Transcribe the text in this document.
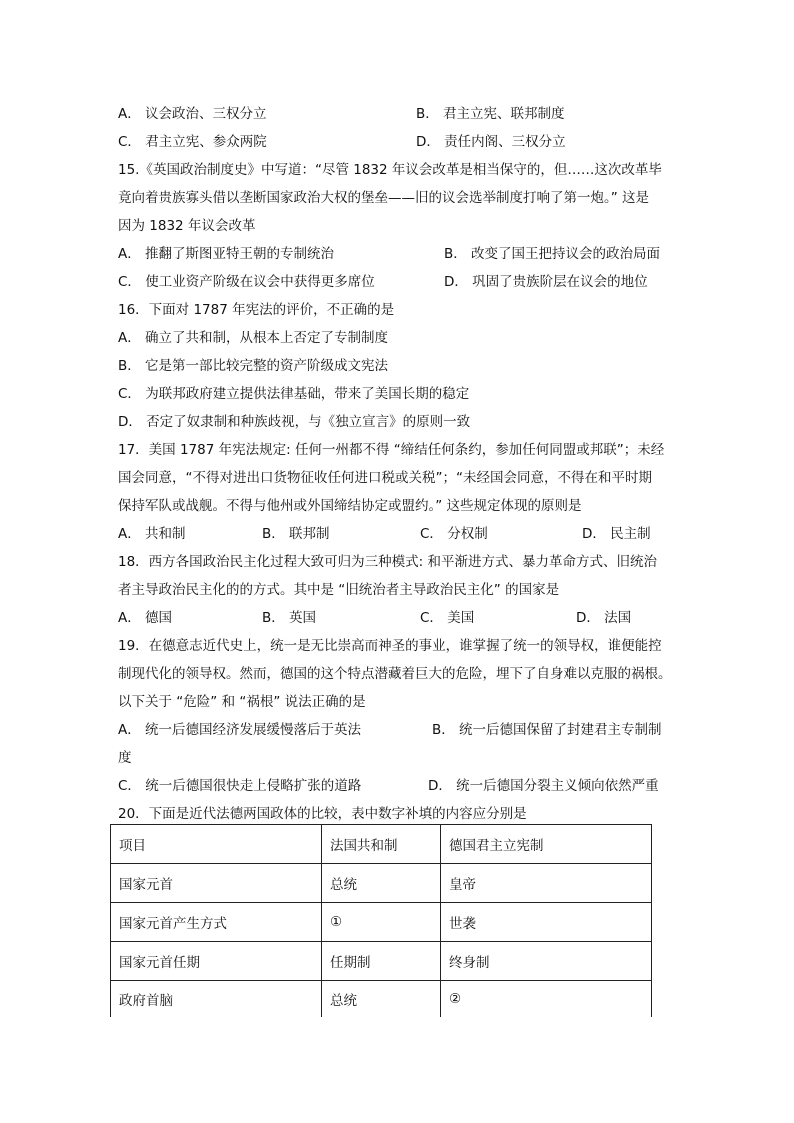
A． 议会政治、三权分立	B． 君主立宪、联邦制度
C． 君主立宪、参众两院	D． 责任内阁、三权分立
15.《英国政治制度史》中写道：“尽管 1832 年议会改革是相当保守的，但……这次改革毕
竟向着贵族寡头借以垄断国家政治大权的堡垒——旧的议会选举制度打响了第一炮。” 这是
因为 1832 年议会改革
A． 推翻了斯图亚特王朝的专制统治	B． 改变了国王把持议会的政治局面
C． 使工业资产阶级在议会中获得更多席位	D． 巩固了贵族阶层在议会的地位
16．下面对 1787 年宪法的评价，不正确的是
A． 确立了共和制，从根本上否定了专制制度
B． 它是第一部比较完整的资产阶级成文宪法
C． 为联邦政府建立提供法律基础，带来了美国长期的稳定
D． 否定了奴隶制和种族歧视，与《独立宣言》的原则一致
17．美国 1787 年宪法规定: 任何一州都不得 “缔结任何条约，参加任何同盟或邦联”；未经
国会同意，“不得对进出口货物征收任何进口税或关税”；“未经国会同意，不得在和平时期
保持军队或战舰。不得与他州或外国缔结协定或盟约。” 这些规定体现的原则是
A． 共和制	B． 联邦制	C． 分权制	D． 民主制
18．西方各国政治民主化过程大致可归为三种模式: 和平渐进方式、暴力革命方式、旧统治
者主导政治民主化的的方式。其中是 “旧统治者主导政治民主化” 的国家是
A． 德国	B． 英国	C． 美国	D． 法国
19．在德意志近代史上，统一是无比崇高而神圣的事业，谁掌握了统一的领导权，谁便能控
制现代化的领导权。然而，德国的这个特点潜藏着巨大的危险，埋下了自身难以克服的祸根。
以下关于 “危险” 和 “祸根” 说法正确的是
A． 统一后德国经济发展缓慢落后于英法	B． 统一后德国保留了封建君主专制制
度
C． 统一后德国很快走上侵略扩张的道路	D． 统一后德国分裂主义倾向依然严重
20．下面是近代法德两国政体的比较，表中数字补填的内容应分别是
项目	法国共和制	德国君主立宪制
国家元首	总统	皇帝
国家元首产生方式	①	世袭
国家元首任期	任期制	终身制
政府首脑	总统	②
